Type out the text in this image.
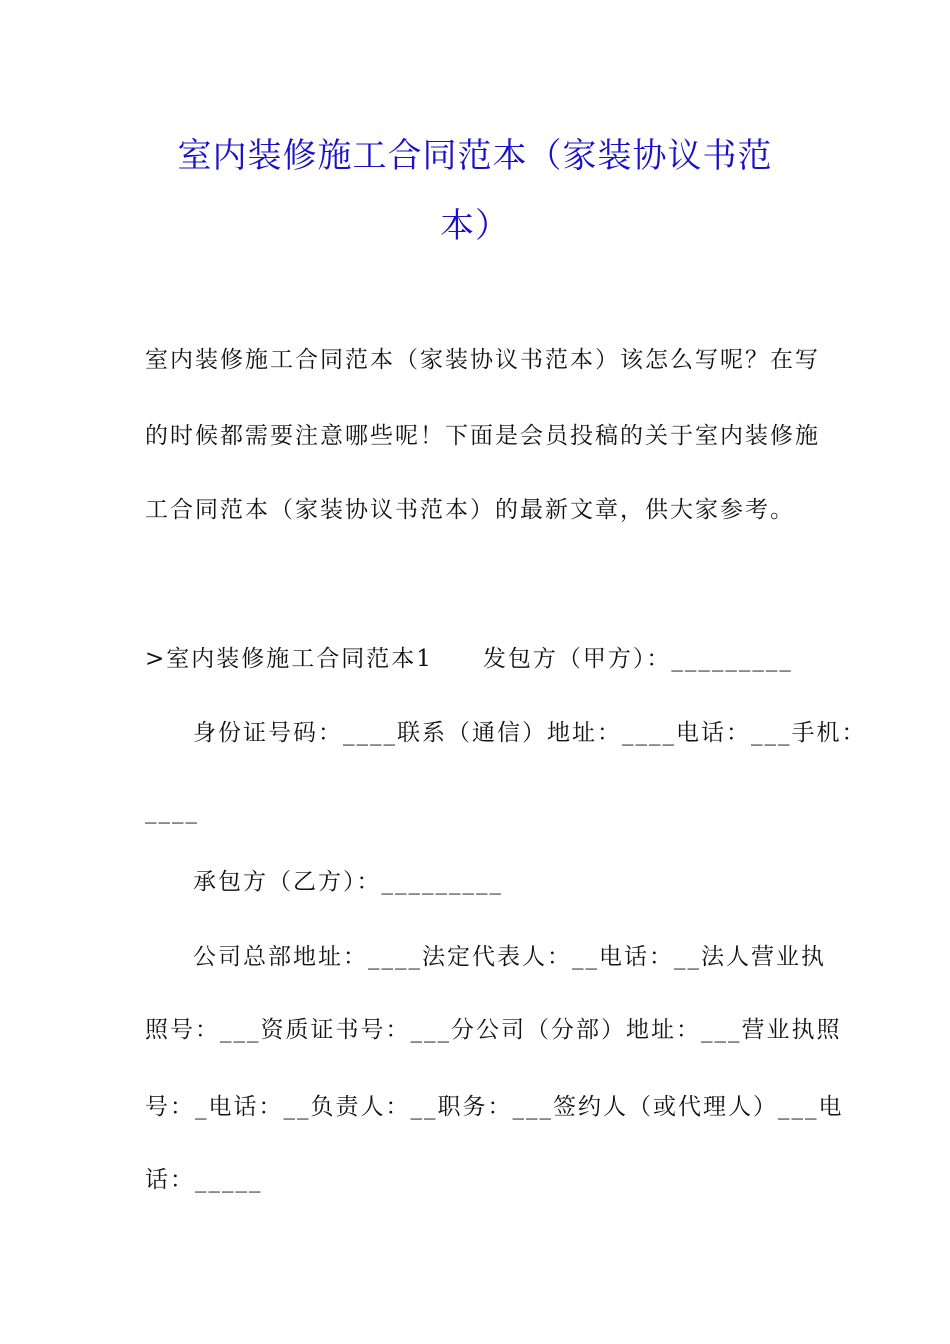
室内装修施工合同范本（家装协议书范
本）
室内装修施工合同范本（家装协议书范本）该怎么写呢？在写
的时候都需要注意哪些呢！下面是会员投稿的关于室内装修施
工合同范本（家装协议书范本）的最新文章，供大家参考。
>室内装修施工合同范本1　　发包方（甲方）：_________
身份证号码：____联系（通信）地址：____电话：___手机：
____
承包方（乙方）：_________
公司总部地址：____法定代表人：__电话：__法人营业执
照号：___资质证书号：___分公司（分部）地址：___营业执照
号：_电话：__负责人：__职务：___签约人（或代理人）___电
话：_____
